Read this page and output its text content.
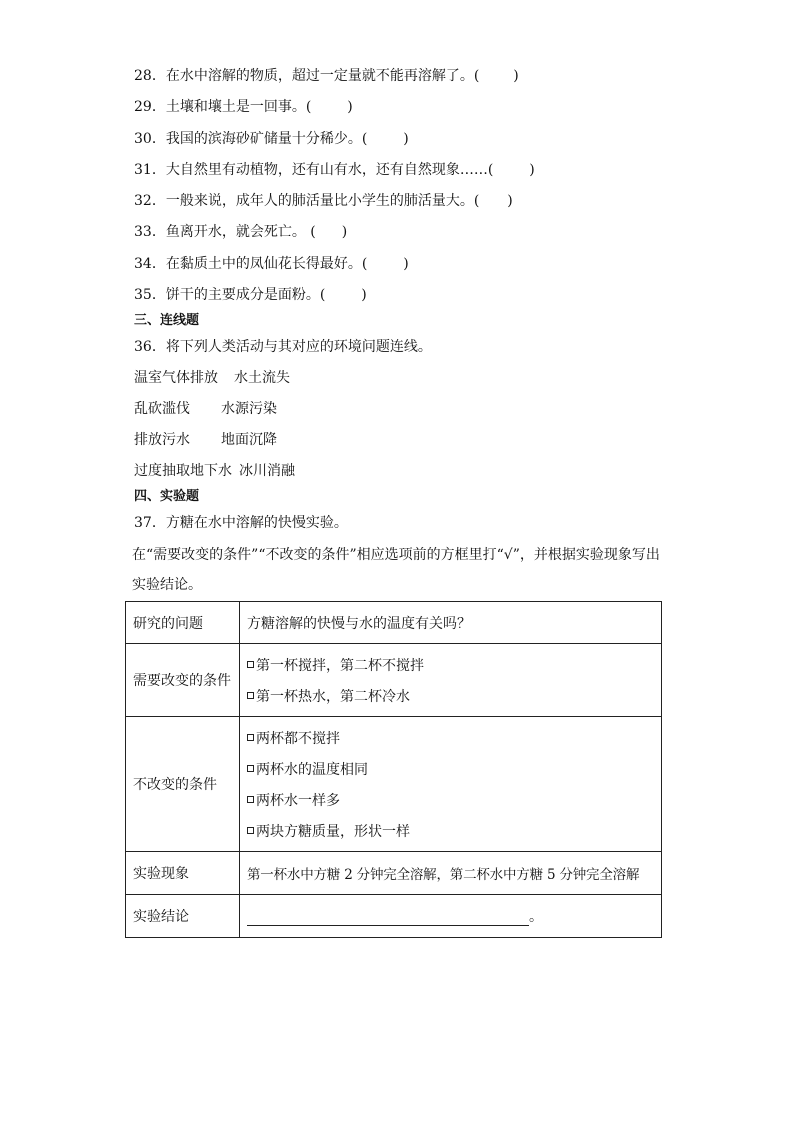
28．在水中溶解的物质，超过一定量就不能再溶解了。( )
29．土壤和壤土是一回事。(	)
30．我国的滨海砂矿储量十分稀少。(	)
31．大自然里有动植物，还有山有水，还有自然现象……(	)
32．一般来说，成年人的肺活量比小学生的肺活量大。( )
33．鱼离开水，就会死亡。 ( )
34．在黏质土中的凤仙花长得最好。(	)
35．饼干的主要成分是面粉。(	)
三、连线题
36．将下列人类活动与其对应的环境问题连线。
温室气体排放 水土流失
乱砍滥伐 水源污染
排放污水 地面沉降
过度抽取地下水 冰川消融
四、实验题
37．方糖在水中溶解的快慢实验。
在“需要改变的条件”“不改变的条件”相应选项前的方框里打“√”，并根据实验现象写出
实验结论。
研究的问题	方糖溶解的快慢与水的温度有关吗？
需要改变的条件	第一杯搅拌，第二杯不搅拌
第一杯热水，第二杯冷水

不改变的条件	两杯都不搅拌
两杯水的温度相同
两杯水一样多
两块方糖质量，形状一样

实验现象	第一杯水中方糖 2 分钟完全溶解，第二杯水中方糖 5 分钟完全溶解
实验结论	。
